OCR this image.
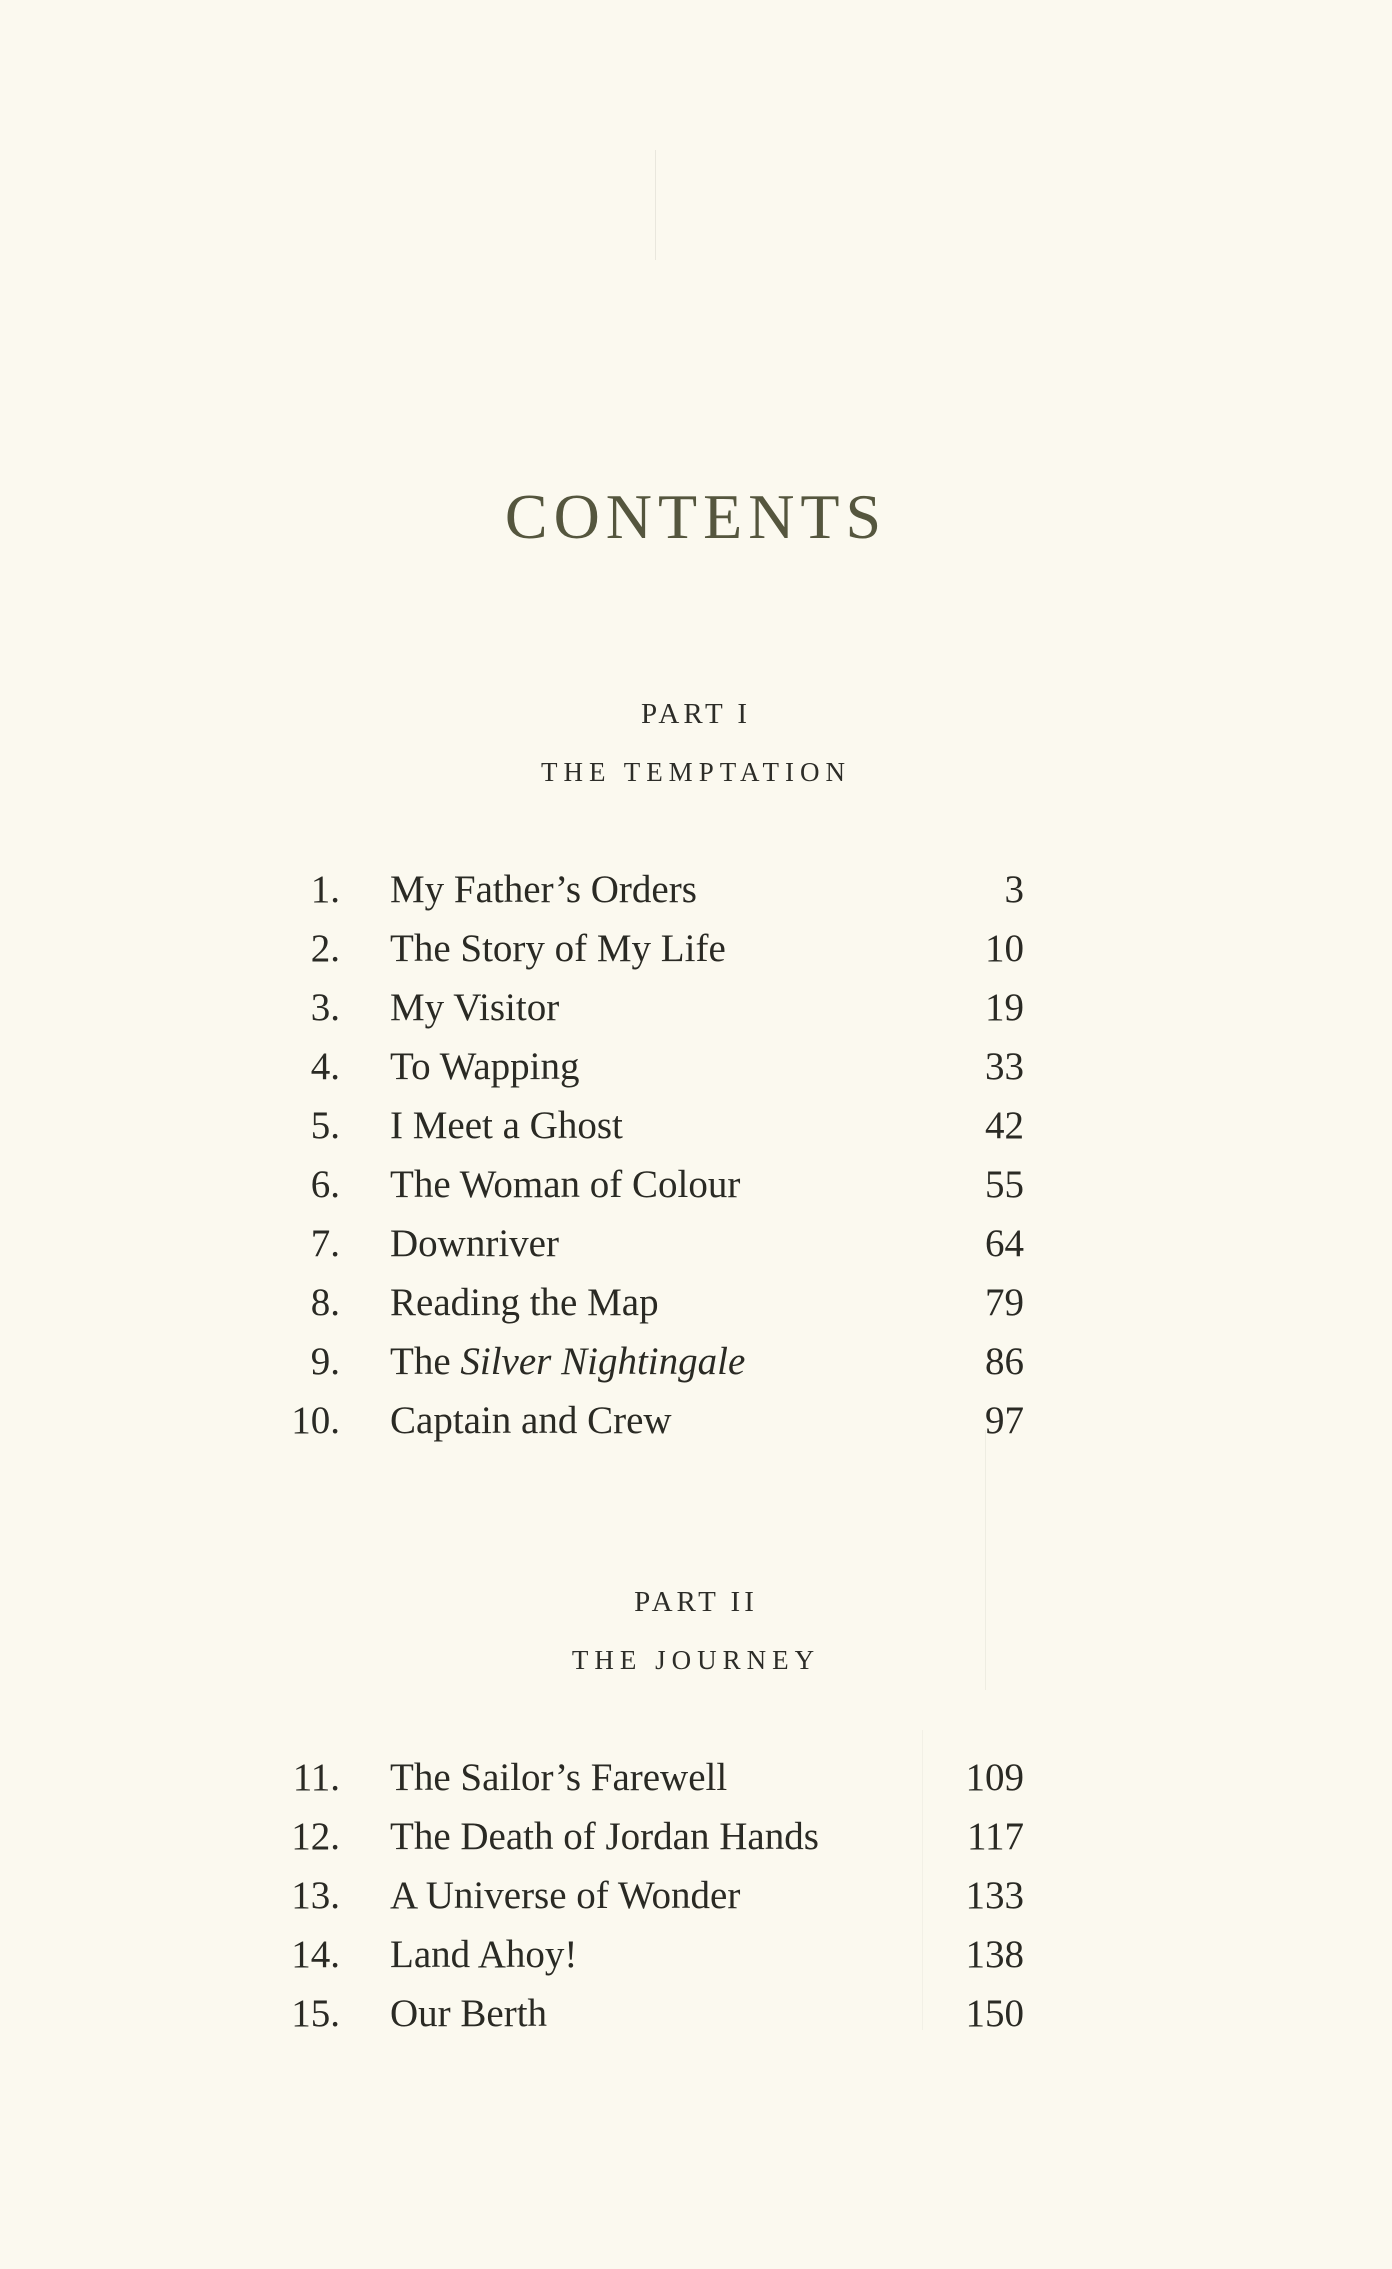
CONTENTS
PART I
THE TEMPTATION
1. My Father’s Orders	3
2. The Story of My Life	10
3. My Visitor	19
4. To Wapping	33
5. I Meet a Ghost	42
6. The Woman of Colour	55
7. Downriver	64
8. Reading the Map	79
9. The Silver Nightingale	86
10. Captain and Crew	97
PART II
THE JOURNEY
11. The Sailor’s Farewell	109
12. The Death of Jordan Hands	117
13. A Universe of Wonder	133
14. Land Ahoy!	138
15. Our Berth	150
